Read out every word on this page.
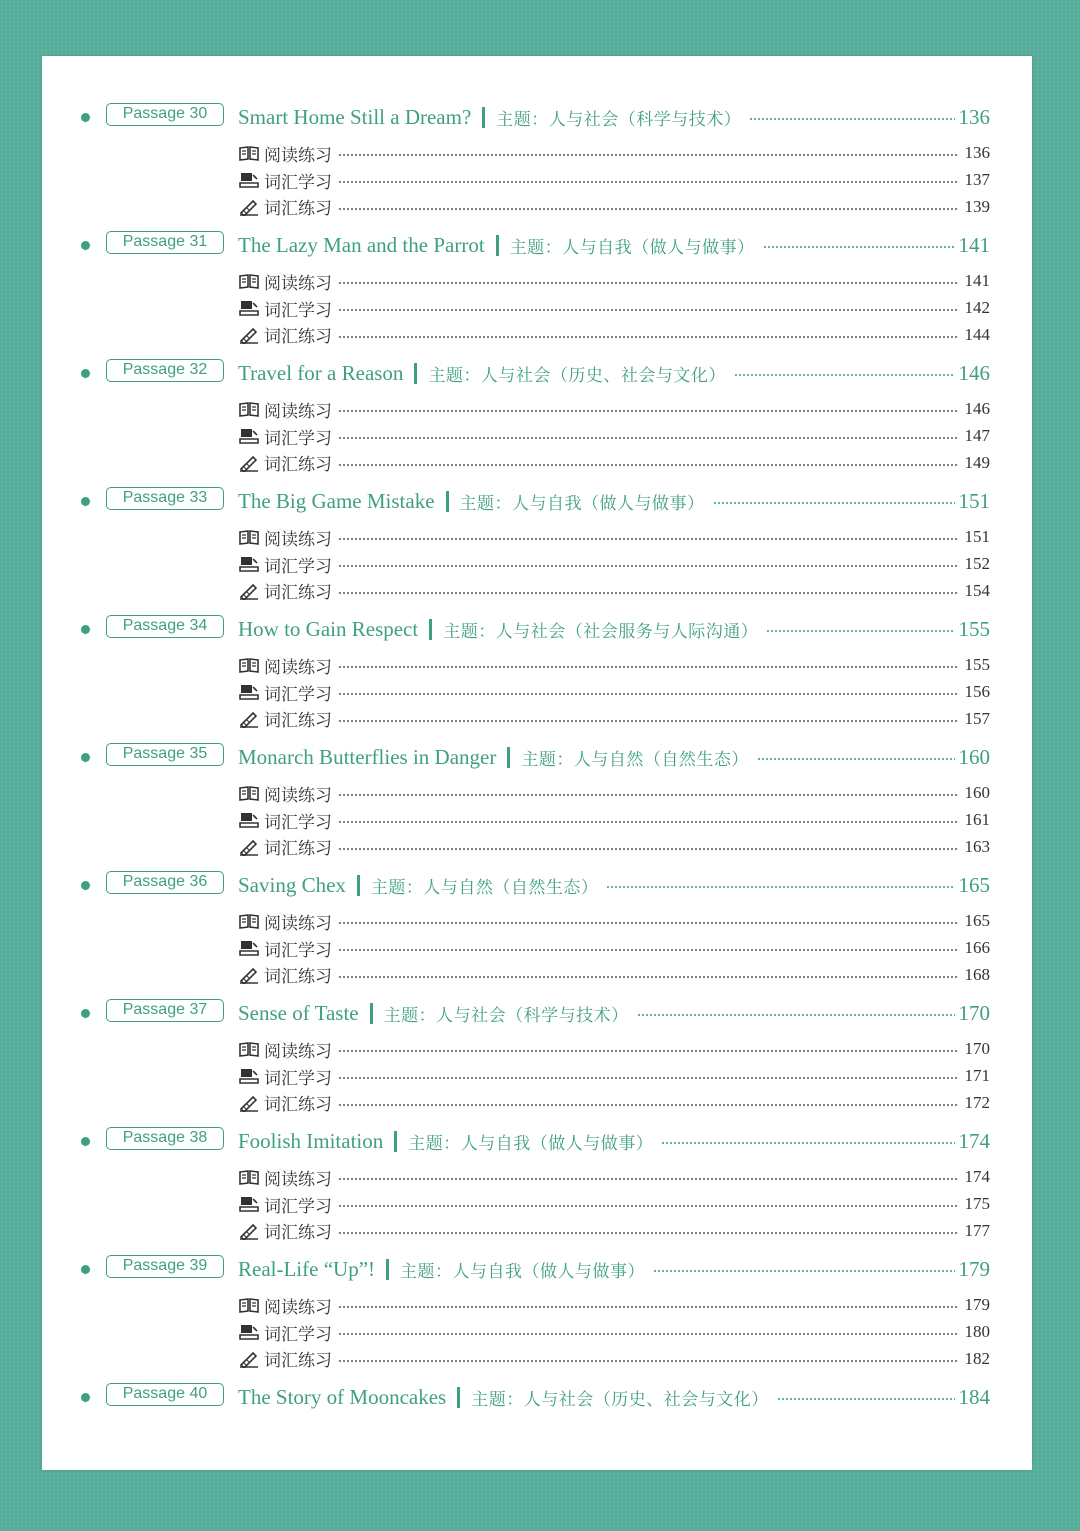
Passage 30	Smart Home Still a Dream? 主题：人与社会（科学与技术）	136
阅读练习	136
词汇学习	137
词汇练习	139
Passage 31	The Lazy Man and the Parrot 主题：人与自我（做人与做事）	141
阅读练习	141
词汇学习	142
词汇练习	144
Passage 32	Travel for a Reason 主题：人与社会（历史、社会与文化）	146
阅读练习	146
词汇学习	147
词汇练习	149
Passage 33	The Big Game Mistake 主题：人与自我（做人与做事）	151
阅读练习	151
词汇学习	152
词汇练习	154
Passage 34	How to Gain Respect 主题：人与社会（社会服务与人际沟通）	155
阅读练习	155
词汇学习	156
词汇练习	157
Passage 35	Monarch Butterflies in Danger 主题：人与自然（自然生态）	160
阅读练习	160
词汇学习	161
词汇练习	163
Passage 36	Saving Chex 主题：人与自然（自然生态）	165
阅读练习	165
词汇学习	166
词汇练习	168
Passage 37	Sense of Taste 主题：人与社会（科学与技术）	170
阅读练习	170
词汇学习	171
词汇练习	172
Passage 38	Foolish Imitation 主题：人与自我（做人与做事）	174
阅读练习	174
词汇学习	175
词汇练习	177
Passage 39	Real-Life “Up”! 主题：人与自我（做人与做事）	179
阅读练习	179
词汇学习	180
词汇练习	182
Passage 40	The Story of Mooncakes 主题：人与社会（历史、社会与文化）	184
